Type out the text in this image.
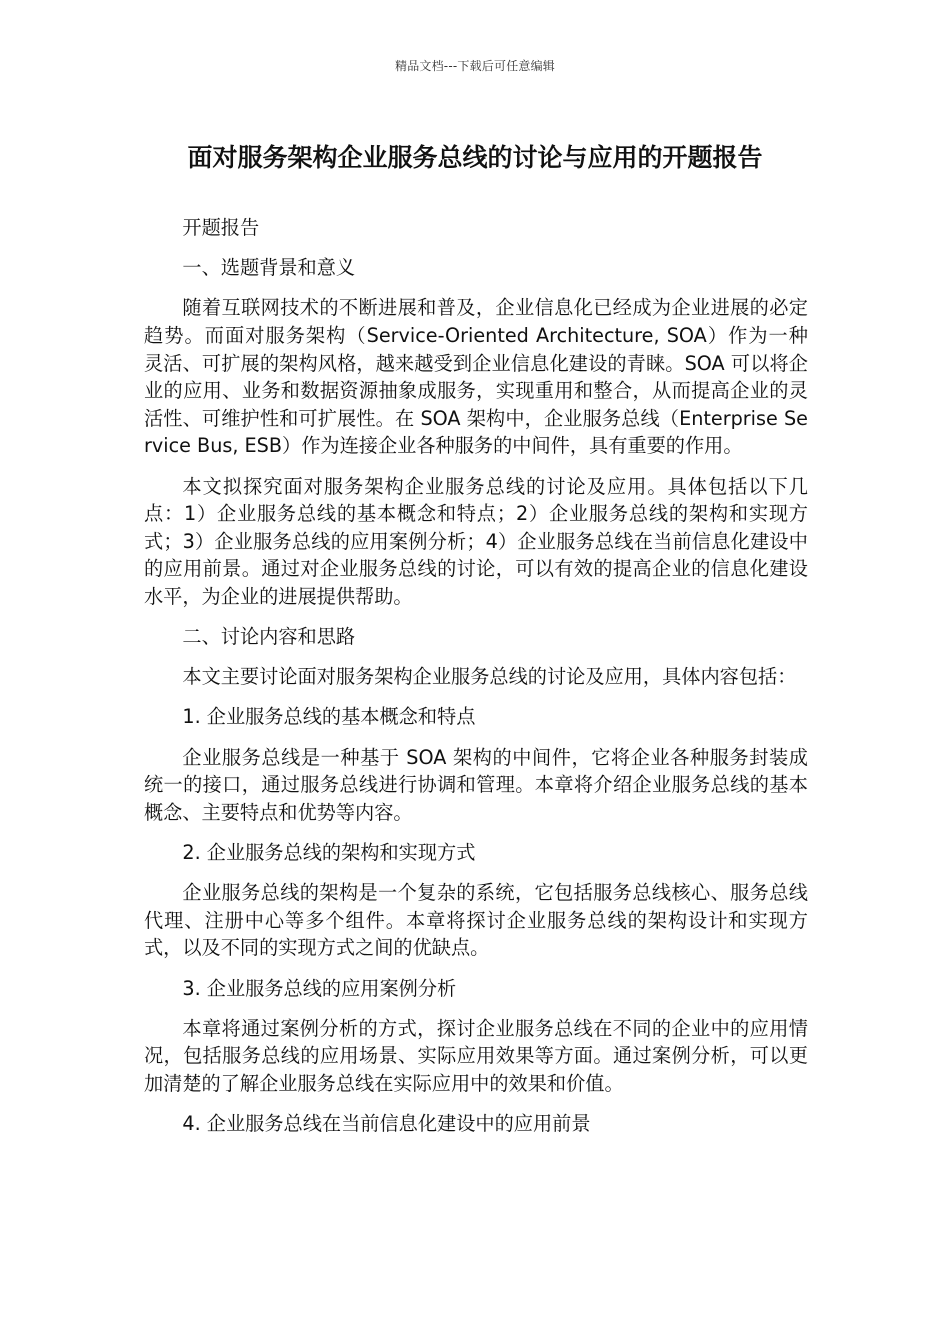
精品文档---下载后可任意编辑
面对服务架构企业服务总线的讨论与应用的开题报告

开题报告

一、选题背景和意义

随着互联网技术的不断进展和普及，企业信息化已经成为企业进展的必定趋势。而面对服务架构（Service-Oriented Architecture, SOA）作为一种灵活、可扩展的架构风格，越来越受到企业信息化建设的青睐。SOA 可以将企业的应用、业务和数据资源抽象成服务，实现重用和整合，从而提高企业的灵活性、可维护性和可扩展性。在 SOA 架构中，企业服务总线（Enterprise Service Bus, ESB）作为连接企业各种服务的中间件，具有重要的作用。

本文拟探究面对服务架构企业服务总线的讨论及应用。具体包括以下几点：1）企业服务总线的基本概念和特点；2）企业服务总线的架构和实现方式；3）企业服务总线的应用案例分析；4）企业服务总线在当前信息化建设中的应用前景。通过对企业服务总线的讨论，可以有效的提高企业的信息化建设水平，为企业的进展提供帮助。

二、讨论内容和思路

本文主要讨论面对服务架构企业服务总线的讨论及应用，具体内容包括：

1. 企业服务总线的基本概念和特点

企业服务总线是一种基于 SOA 架构的中间件，它将企业各种服务封装成统一的接口，通过服务总线进行协调和管理。本章将介绍企业服务总线的基本概念、主要特点和优势等内容。

2. 企业服务总线的架构和实现方式

企业服务总线的架构是一个复杂的系统，它包括服务总线核心、服务总线代理、注册中心等多个组件。本章将探讨企业服务总线的架构设计和实现方式，以及不同的实现方式之间的优缺点。

3. 企业服务总线的应用案例分析

本章将通过案例分析的方式，探讨企业服务总线在不同的企业中的应用情况，包括服务总线的应用场景、实际应用效果等方面。通过案例分析，可以更加清楚的了解企业服务总线在实际应用中的效果和价值。

4. 企业服务总线在当前信息化建设中的应用前景
